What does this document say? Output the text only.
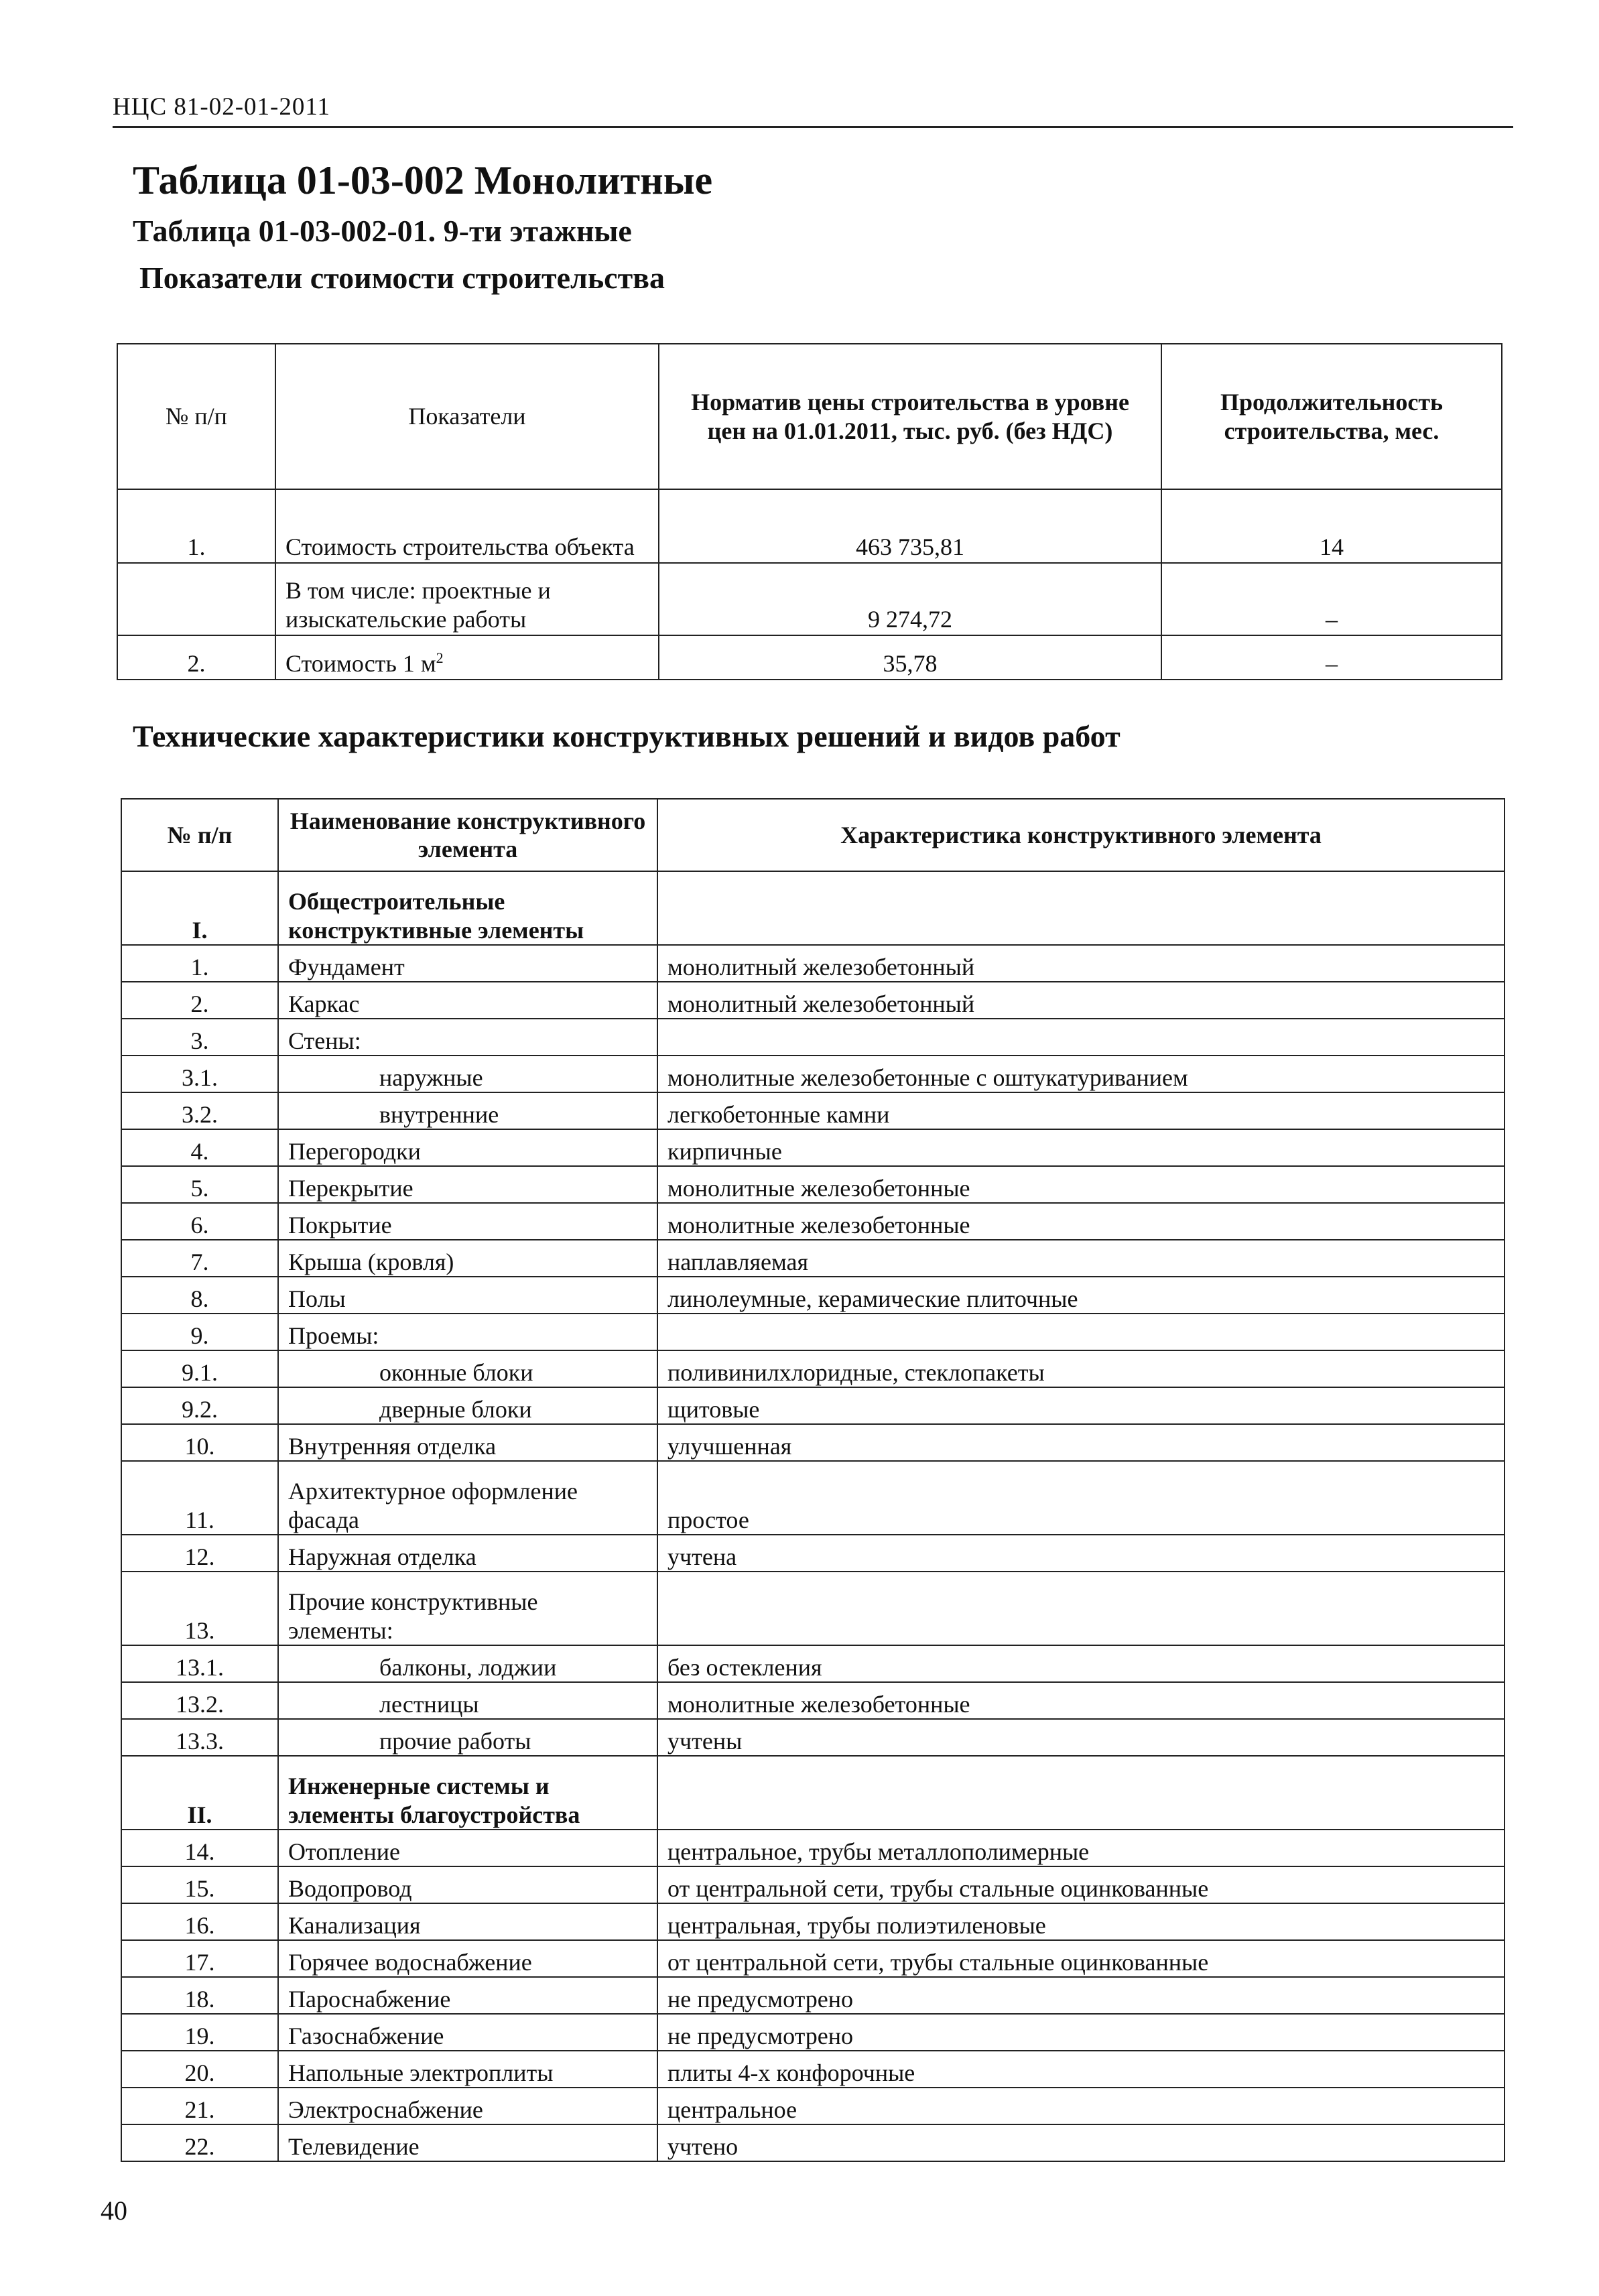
НЦС 81-02-01-2011
Таблица 01-03-002 Монолитные
Таблица 01-03-002-01. 9-ти этажные
Показатели стоимости строительства
№ п/п	Показатели	Норматив цены строительства в уровне цен на 01.01.2011, тыс. руб. (без НДС)	Продолжительность строительства, мес.
1.	Стоимость строительства объекта	463 735,81	14
	В том числе: проектные и изыскательские работы	9 274,72	–
2.	Стоимость 1 $м^2$	35,78	–
Технические характеристики конструктивных решений и видов работ
№ п/п	Наименование конструктивного элемента	Характеристика конструктивного элемента
I.	Общестроительные конструктивные элементы	
1.	Фундамент	монолитный железобетонный
2.	Каркас	монолитный железобетонный
3.	Стены:	
3.1.	наружные	монолитные железобетонные с оштукатуриванием
3.2.	внутренние	легкобетонные камни
4.	Перегородки	кирпичные
5.	Перекрытие	монолитные железобетонные
6.	Покрытие	монолитные железобетонные
7.	Крыша (кровля)	наплавляемая
8.	Полы	линолеумные, керамические плиточные
9.	Проемы:	
9.1.	оконные блоки	поливинилхлоридные, стеклопакеты
9.2.	дверные блоки	щитовые
10.	Внутренняя отделка	улучшенная
11.	Архитектурное оформление фасада	простое
12.	Наружная отделка	учтена
13.	Прочие конструктивные элементы:	
13.1.	балконы, лоджии	без остекления
13.2.	лестницы	монолитные железобетонные
13.3.	прочие работы	учтены
II.	Инженерные системы и элементы благоустройства	
14.	Отопление	центральное, трубы металлополимерные
15.	Водопровод	от центральной сети, трубы стальные оцинкованные
16.	Канализация	центральная, трубы полиэтиленовые
17.	Горячее водоснабжение	от центральной сети, трубы стальные оцинкованные
18.	Пароснабжение	не предусмотрено
19.	Газоснабжение	не предусмотрено
20.	Напольные электроплиты	плиты 4-х конфорочные
21.	Электроснабжение	центральное
22.	Телевидение	учтено
40
